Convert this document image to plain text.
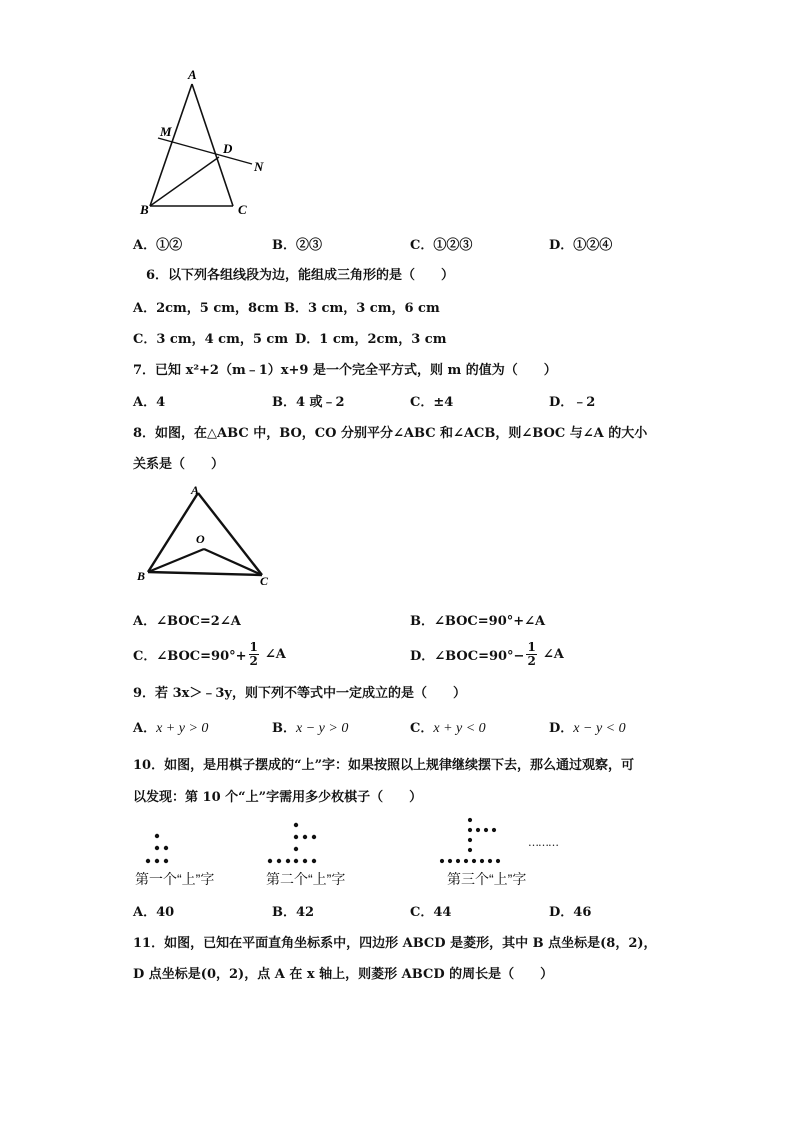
A
M
D
N
B	C
A．①②	B．②③	C．①②③	D．①②④
6．以下列各组线段为边，能组成三角形的是（　　）
A．2cm，5 cm，8cm B．3 cm，3 cm，6 cm
C．3 cm，4 cm，5 cm D．1 cm，2cm，3 cm
7．已知 x²+2（m﹣1）x+9 是一个完全平方式，则 m 的值为（　　）
A．4	B．4 或﹣2	C．±4	D．﹣2
8．如图，在△ABC 中，BO，CO 分别平分∠ABC 和∠ACB，则∠BOC 与∠A 的大小
关系是（　　）
A
O
B	C
A．∠BOC=2∠A	B．∠BOC=90°+∠A
C．∠BOC=90°+ $\frac{1}{2}$ ∠A	D．∠BOC=90°− $\frac{1}{2}$ ∠A
9．若 3x＞﹣3y，则下列不等式中一定成立的是（　　）
A．x + y > 0	B．x − y > 0	C．x + y < 0	D．x − y < 0
10．如图，是用棋子摆成的“上”字：如果按照以上规律继续摆下去，那么通过观察，可
以发现：第 10 个“上”字需用多少枚棋子（　　）
………
第一个“上”字	第二个“上”字	第三个“上”字
A．40	B．42	C．44	D．46
11．如图，已知在平面直角坐标系中，四边形 ABCD 是菱形，其中 B 点坐标是(8，2)，
D 点坐标是(0，2)，点 A 在 x 轴上，则菱形 ABCD 的周长是（　　）
